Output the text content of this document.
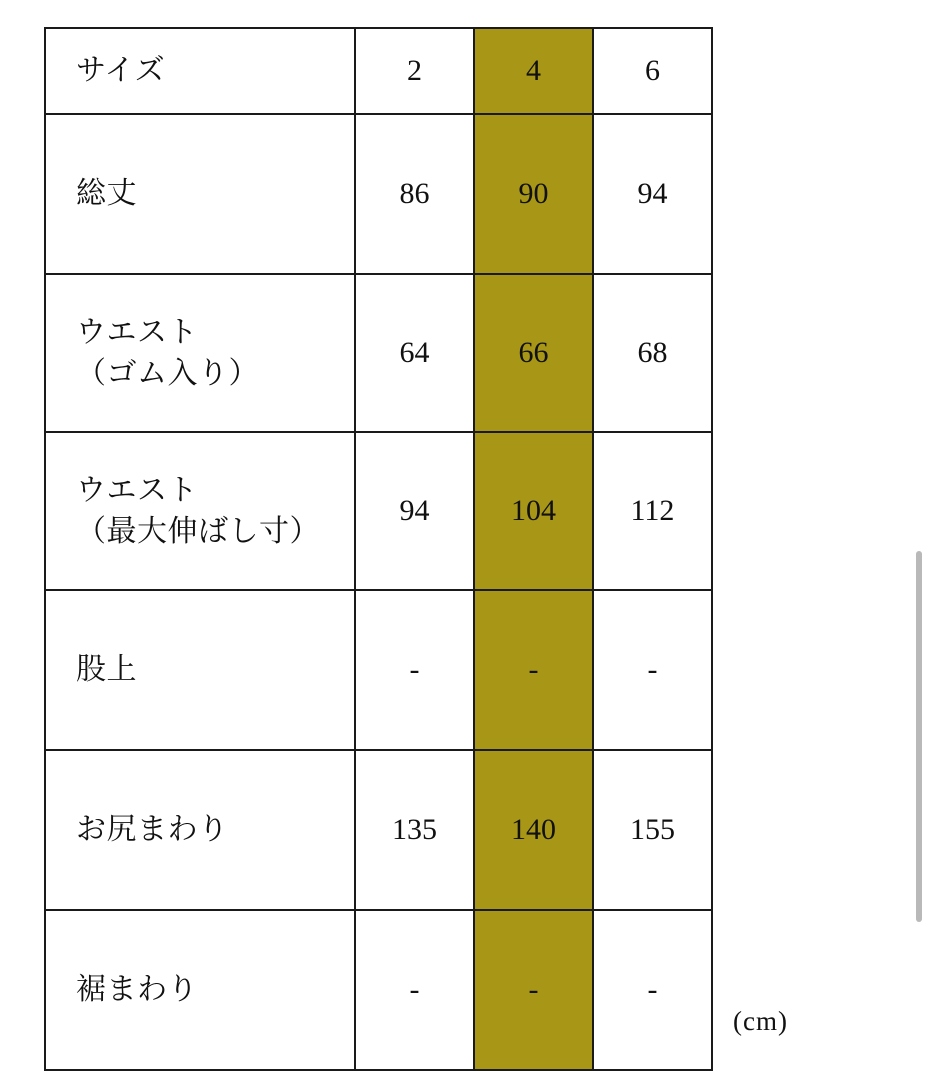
サイズ	2	4	6
総丈	86	90	94

ウエスト
（ゴム入り）	64	66	68

ウエスト
（最大伸ばし寸）	94	104	112
股上	-	-	-
お尻まわり	135	140	155
裾まわり	-	-	-
(cm)
